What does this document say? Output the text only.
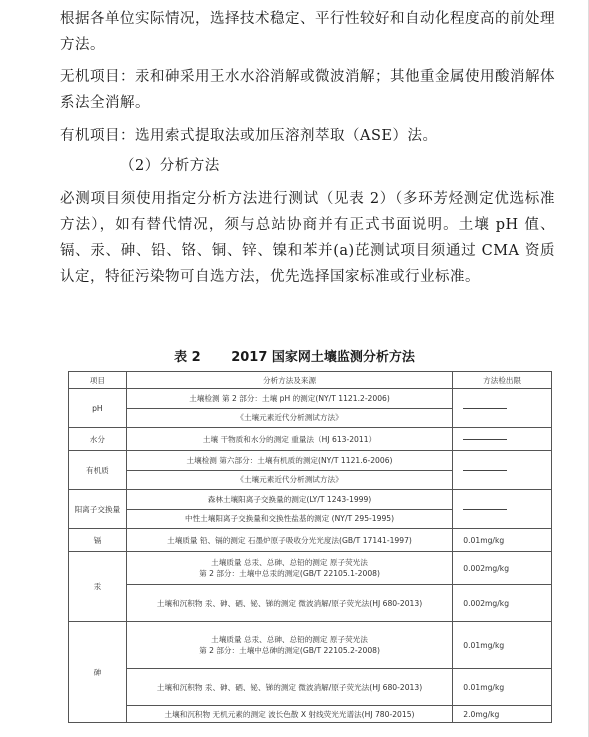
根据各单位实际情况，选择技术稳定、平行性较好和自动化程度高的前处理方法。

无机项目：汞和砷采用王水水浴消解或微波消解；其他重金属使用酸消解体系法全消解。

有机项目：选用索式提取法或加压溶剂萃取（ASE）法。

（2）分析方法

必测项目须使用指定分析方法进行测试（见表 2）（多环芳烃测定优选标准方法），如有替代情况，须与总站协商并有正式书面说明。土壤 pH 值、镉、汞、砷、铅、铬、铜、锌、镍和苯并(a)芘测试项目须通过 CMA 资质认定，特征污染物可自选方法，优先选择国家标准或行业标准。

表 2 2017 国家网土壤监测分析方法
项目	分析方法及来源	方法检出限
pH	土壤检测 第 2 部分：土壤 pH 的测定(NY/T 1121.2-2006)	
	《土壤元素近代分析测试方法》	
水分	土壤 干物质和水分的测定 重量法（HJ 613-2011）	
有机质	土壤检测 第六部分：土壤有机质的测定(NY/T 1121.6-2006)	
	《土壤元素近代分析测试方法》	
阳离子交换量	森林土壤阳离子交换量的测定(LY/T 1243-1999)	
	中性土壤阳离子交换量和交换性盐基的测定 (NY/T 295-1995)	
镉	土壤质量 铅、镉的测定 石墨炉原子吸收分光光度法(GB/T 17141-1997)	0.01mg/kg
汞	土壤质量 总汞、总砷、总铅的测定 原子荧光法
第 2 部分：土壤中总汞的测定(GB/T 22105.1-2008)	0.002mg/kg
	土壤和沉积物 汞、砷、硒、铋、锑的测定 微波消解/原子荧光法(HJ 680-2013)	0.002mg/kg
砷	土壤质量 总汞、总砷、总铅的测定 原子荧光法
第 2 部分：土壤中总砷的测定(GB/T 22105.2-2008)	0.01mg/kg
	土壤和沉积物 汞、砷、硒、铋、锑的测定 微波消解/原子荧光法(HJ 680-2013)	0.01mg/kg
	土壤和沉积物 无机元素的测定 波长色散 X 射线荧光光谱法(HJ 780-2015)	2.0mg/kg
